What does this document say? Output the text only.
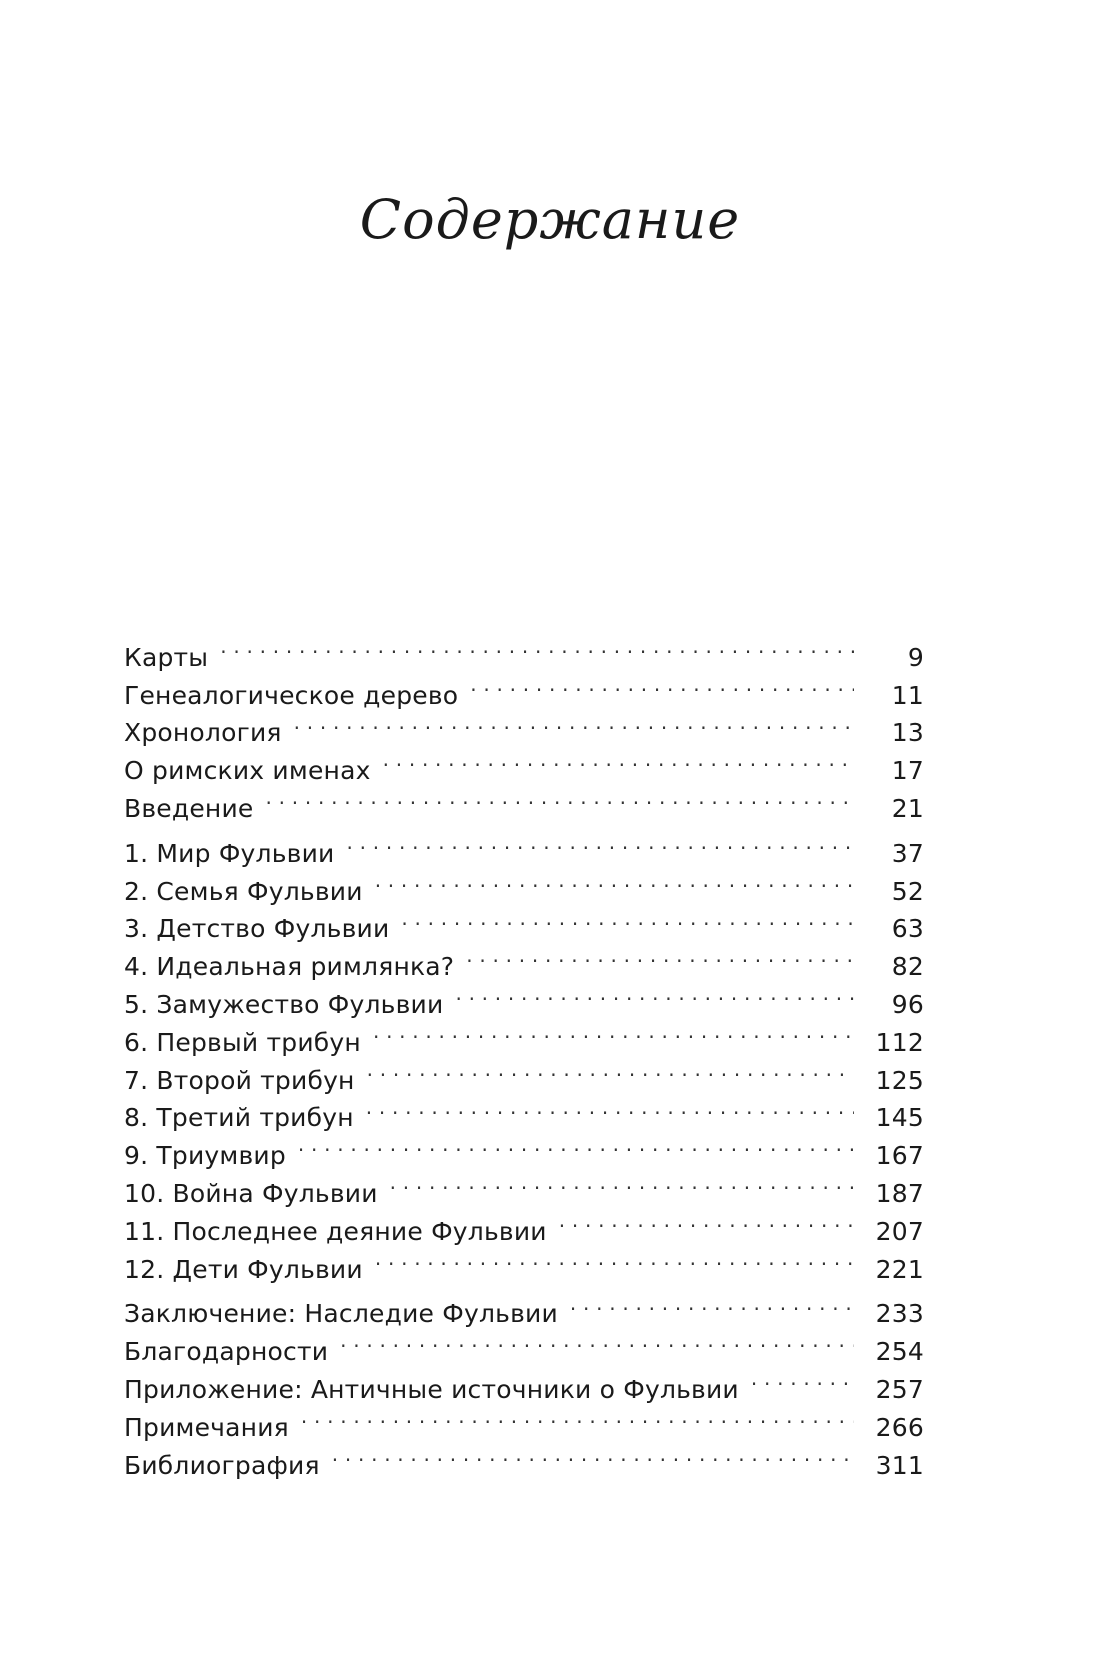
Содержание
Карты . . .	9
Генеалогическое дерево . . .	11
Хронология . . .	13
О римских именах . . .	17
Введение . . .	21
1. Мир Фульвии . . .	37
2. Семья Фульвии . . .	52
3. Детство Фульвии . . .	63
4. Идеальная римлянка? . . .	82
5. Замужество Фульвии . . .	96
6. Первый трибун . . .	112
7. Второй трибун . . .	125
8. Третий трибун . . .	145
9. Триумвир . . .	167
10. Война Фульвии . . .	187
11. Последнее деяние Фульвии . . .	207
12. Дети Фульвии . . .	221
Заключение: Наследие Фульвии . . .	233
Благодарности . . .	254
Приложение: Античные источники о Фульвии . . .	257
Примечания . . .	266
Библиография . . .	311
